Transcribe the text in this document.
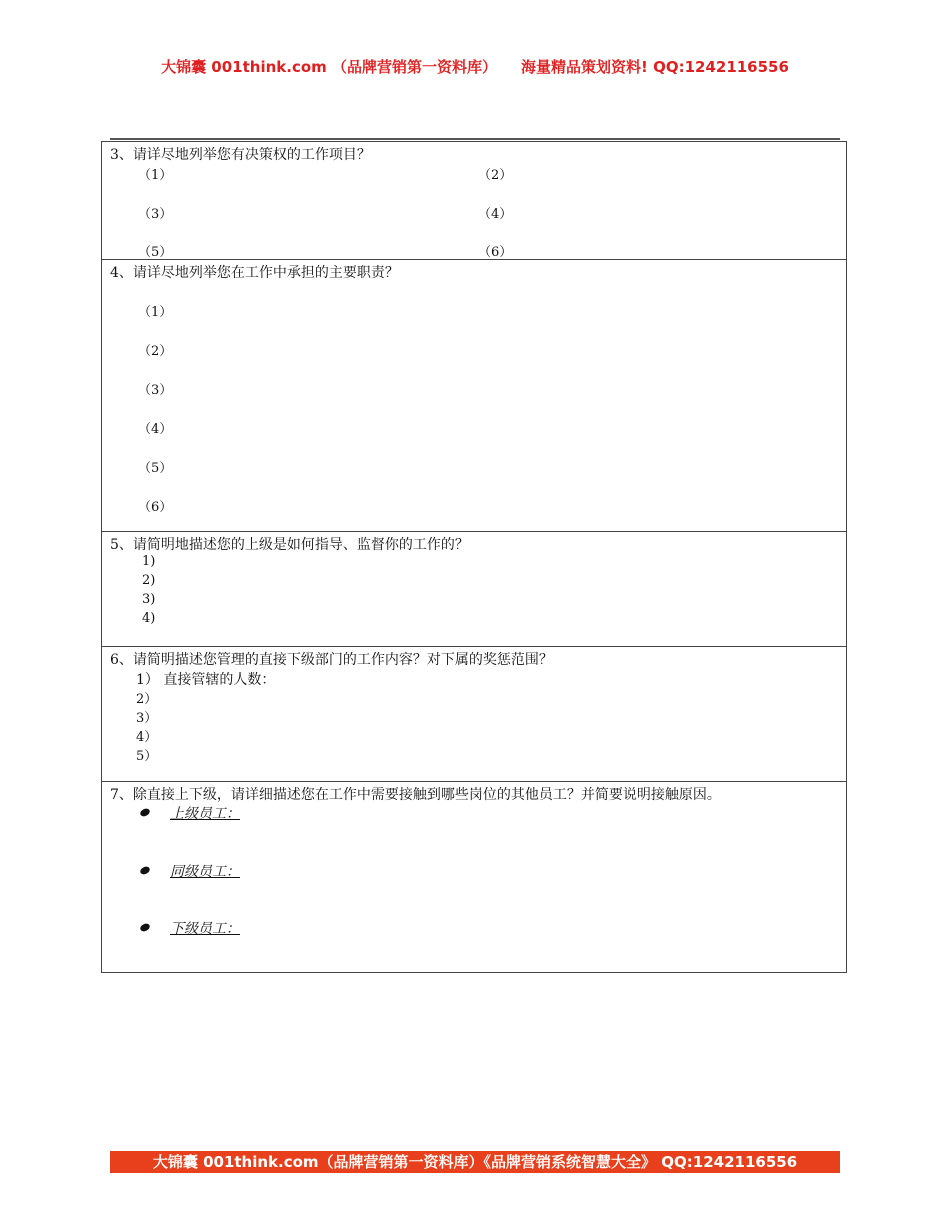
大锦囊 001think.com （品牌营销第一资料库） 海量精品策划资料! QQ:1242116556
3、请详尽地列举您有决策权的工作项目？
（1）	（2）
（3）	（4）
（5）	（6）
4、请详尽地列举您在工作中承担的主要职责？
（1）
（2）
（3）
（4）
（5）
（6）
5、请简明地描述您的上级是如何指导、监督你的工作的？
1)
2)
3)
4)
6、请简明描述您管理的直接下级部门的工作内容？对下属的奖惩范围？
1） 直接管辖的人数：
2）
3）
4）
5）
7、除直接上下级，请详细描述您在工作中需要接触到哪些岗位的其他员工？并简要说明接触原因。
上级员工：
同级员工：
下级员工：
大锦囊 001think.com（品牌营销第一资料库）《品牌营销系统智慧大全》 QQ:1242116556
